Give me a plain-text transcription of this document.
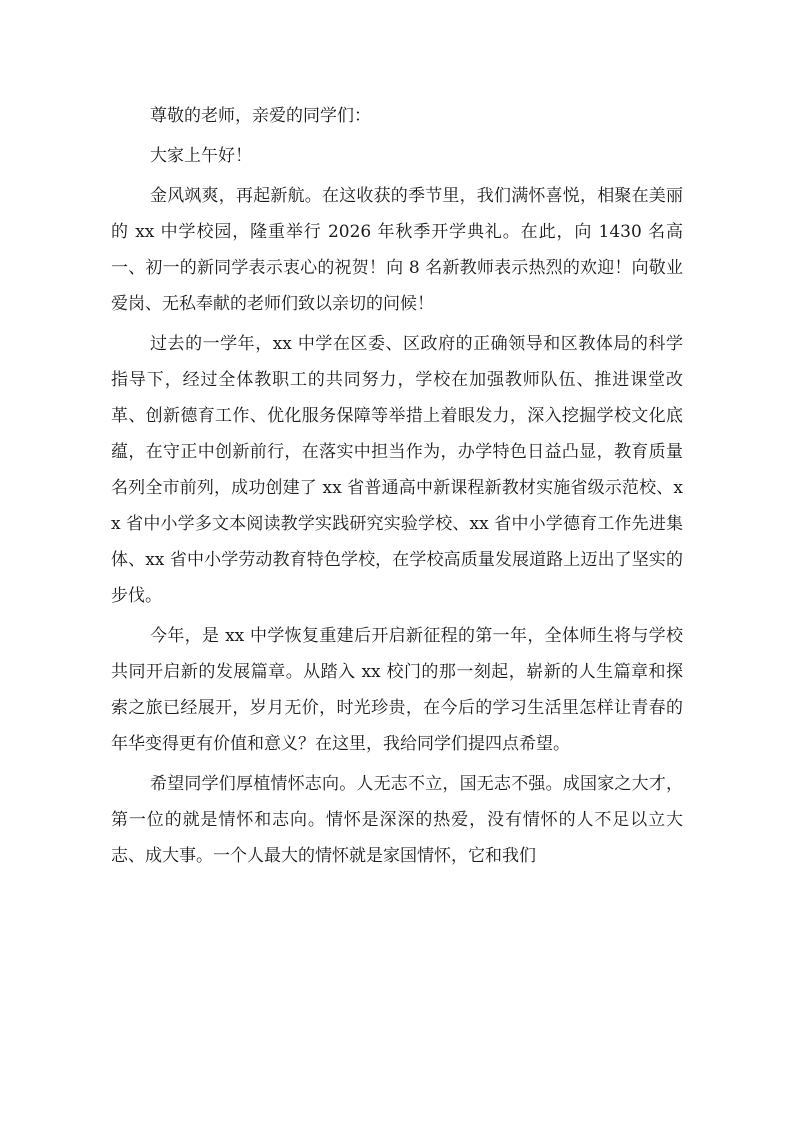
尊敬的老师，亲爱的同学们：

大家上午好！

金风飒爽，再起新航。在这收获的季节里，我们满怀喜悦，相聚在美丽的 xx 中学校园，隆重举行 2026 年秋季开学典礼。在此，向 1430 名高一、初一的新同学表示衷心的祝贺！向 8 名新教师表示热烈的欢迎！向敬业爱岗、无私奉献的老师们致以亲切的问候！

过去的一学年，xx 中学在区委、区政府的正确领导和区教体局的科学指导下，经过全体教职工的共同努力，学校在加强教师队伍、推进课堂改革、创新德育工作、优化服务保障等举措上着眼发力，深入挖掘学校文化底蕴，在守正中创新前行，在落实中担当作为，办学特色日益凸显，教育质量名列全市前列，成功创建了 xx 省普通高中新课程新教材实施省级示范校、xx 省中小学多文本阅读教学实践研究实验学校、xx 省中小学德育工作先进集体、xx 省中小学劳动教育特色学校，在学校高质量发展道路上迈出了坚实的步伐。

今年，是 xx 中学恢复重建后开启新征程的第一年，全体师生将与学校共同开启新的发展篇章。从踏入 xx 校门的那一刻起，崭新的人生篇章和探索之旅已经展开，岁月无价，时光珍贵，在今后的学习生活里怎样让青春的年华变得更有价值和意义？在这里，我给同学们提四点希望。

希望同学们厚植情怀志向。人无志不立，国无志不强。成国家之大才，第一位的就是情怀和志向。情怀是深深的热爱，没有情怀的人不足以立大志、成大事。一个人最大的情怀就是家国情怀，它和我们
